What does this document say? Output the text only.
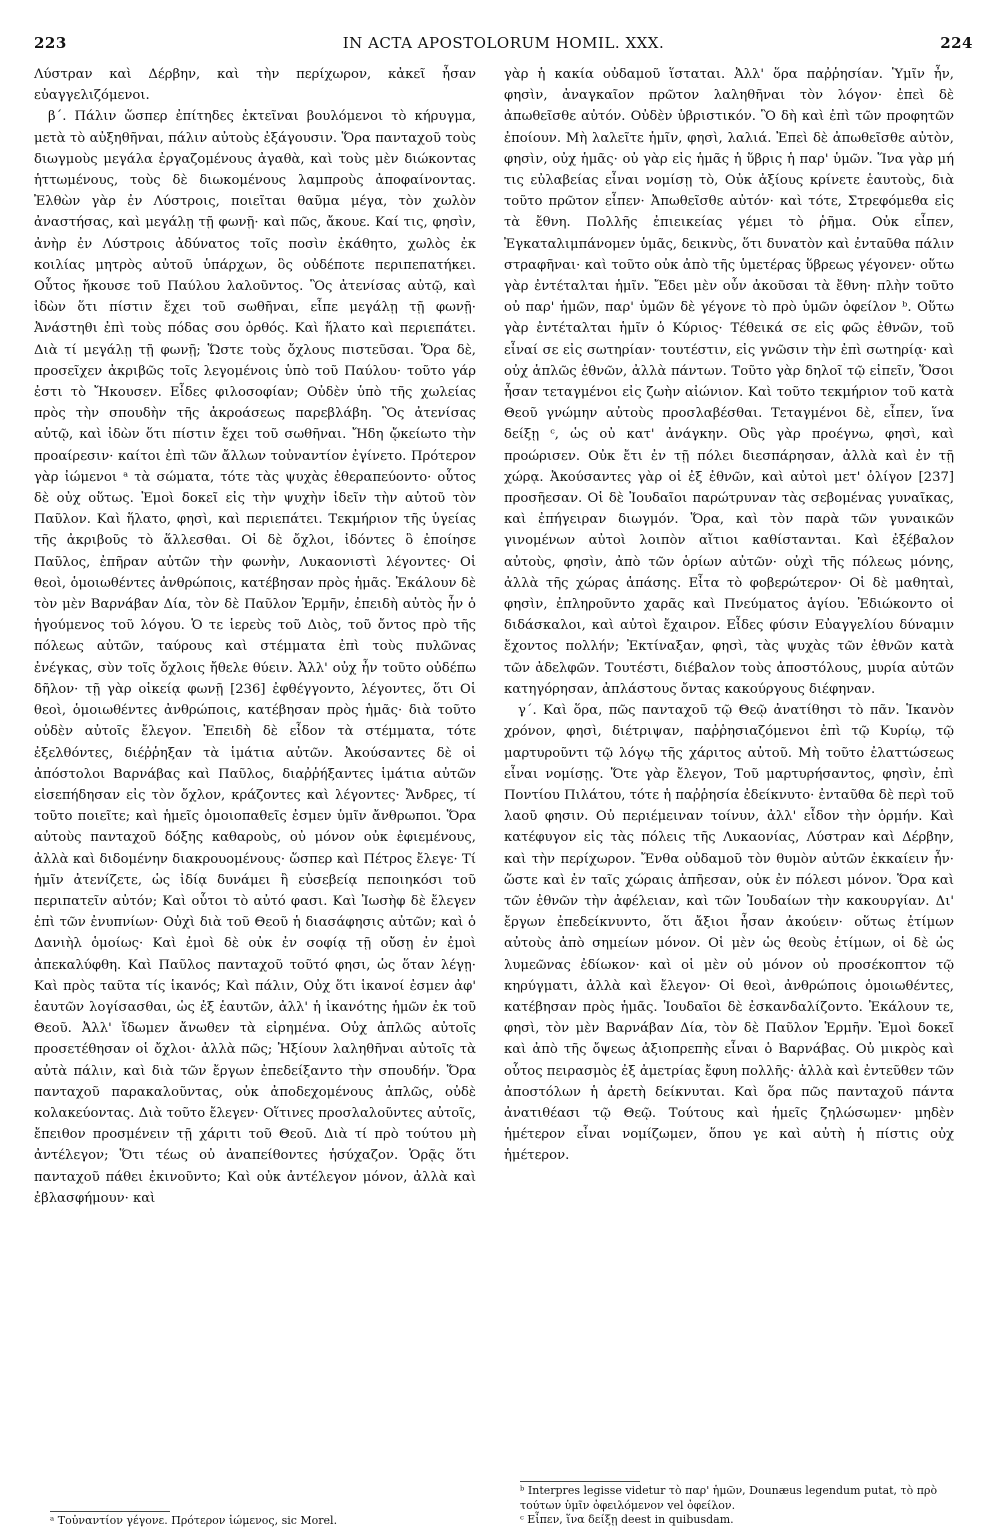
223	IN ACTA APOSTOLORUM HOMIL. XXX.	224

Λύστραν καὶ Δέρβην, καὶ τὴν περίχωρον, κἀκεῖ ἦσαν εὐαγγελιζόμενοι.

β΄. Πάλιν ὥσπερ ἐπίτηδες ἐκτεῖναι βουλόμενοι τὸ κήρυγμα, μετὰ τὸ αὐξηθῆναι, πάλιν αὐτοὺς ἐξάγουσιν. Ὅρα πανταχοῦ τοὺς διωγμοὺς μεγάλα ἐργαζομένους ἀγαθὰ, καὶ τοὺς μὲν διώκοντας ἡττωμένους, τοὺς δὲ διωκομένους λαμπροὺς ἀποφαίνοντας. Ἐλθὼν γὰρ ἐν Λύστροις, ποιεῖται θαῦμα μέγα, τὸν χωλὸν ἀναστήσας, καὶ μεγάλῃ τῇ φωνῇ· καὶ πῶς, ἄκουε. Καί τις, φησὶν, ἀνὴρ ἐν Λύστροις ἀδύνατος τοῖς ποσὶν ἐκάθητο, χωλὸς ἐκ κοιλίας μητρὸς αὐτοῦ ὑπάρχων, ὃς οὐδέποτε περιπεπατήκει. Οὗτος ἤκουσε τοῦ Παύλου λαλοῦντος. Ὃς ἀτενίσας αὐτῷ, καὶ ἰδὼν ὅτι πίστιν ἔχει τοῦ σωθῆναι, εἶπε μεγάλῃ τῇ φωνῇ· Ἀνάστηθι ἐπὶ τοὺς πόδας σου ὀρθός. Καὶ ἥλατο καὶ περιεπάτει. Διὰ τί μεγάλῃ τῇ φωνῇ; Ὥστε τοὺς ὄχλους πιστεῦσαι. Ὅρα δὲ, προσεῖχεν ἀκριβῶς τοῖς λεγομένοις ὑπὸ τοῦ Παύλου· τοῦτο γάρ ἐστι τὸ Ἤκουσεν. Εἶδες φιλοσοφίαν; Οὐδὲν ὑπὸ τῆς χωλείας πρὸς τὴν σπουδὴν τῆς ἀκροάσεως παρεβλάβη. Ὃς ἀτενίσας αὐτῷ, καὶ ἰδὼν ὅτι πίστιν ἔχει τοῦ σωθῆναι. Ἤδη ᾤκείωτο τὴν προαίρεσιν· καίτοι ἐπὶ τῶν ἄλλων τοὐναντίον ἐγίνετο. Πρότερον γὰρ ἰώμενοι ᵃ τὰ σώματα, τότε τὰς ψυχὰς ἐθεραπεύοντο· οὗτος δὲ οὐχ οὕτως. Ἐμοὶ δοκεῖ εἰς τὴν ψυχὴν ἰδεῖν τὴν αὐτοῦ τὸν Παῦλον. Καὶ ἥλατο, φησὶ, καὶ περιεπάτει. Τεκμήριον τῆς ὑγείας τῆς ἀκριβοῦς τὸ ἅλλεσθαι. Οἱ δὲ ὄχλοι, ἰδόντες ὃ ἐποίησε Παῦλος, ἐπῆραν αὐτῶν τὴν φωνὴν, Λυκαονιστὶ λέγοντες· Οἱ θεοὶ, ὁμοιωθέντες ἀνθρώποις, κατέβησαν πρὸς ἡμᾶς. Ἐκάλουν δὲ τὸν μὲν Βαρνάβαν Δία, τὸν δὲ Παῦλον Ἑρμῆν, ἐπειδὴ αὐτὸς ἦν ὁ ἡγούμενος τοῦ λόγου. Ὁ τε ἱερεὺς τοῦ Διὸς, τοῦ ὄντος πρὸ τῆς πόλεως αὐτῶν, ταύρους καὶ στέμματα ἐπὶ τοὺς πυλῶνας ἐνέγκας, σὺν τοῖς ὄχλοις ἤθελε θύειν. Ἀλλ' οὐχ ἦν τοῦτο οὐδέπω δῆλον· τῇ γὰρ οἰκείᾳ φωνῇ [236] ἐφθέγγοντο, λέγοντες, ὅτι Οἱ θεοὶ, ὁμοιωθέντες ἀνθρώποις, κατέβησαν πρὸς ἡμᾶς· διὰ τοῦτο οὐδὲν αὐτοῖς ἔλεγον. Ἐπειδὴ δὲ εἶδον τὰ στέμματα, τότε ἐξελθόντες, διέῤῥηξαν τὰ ἱμάτια αὐτῶν. Ἀκούσαντες δὲ οἱ ἀπόστολοι Βαρνάβας καὶ Παῦλος, διαῤῥήξαντες ἱμάτια αὐτῶν εἰσεπήδησαν εἰς τὸν ὄχλον, κράζοντες καὶ λέγοντες· Ἄνδρες, τί τοῦτο ποιεῖτε; καὶ ἡμεῖς ὁμοιοπαθεῖς ἐσμεν ὑμῖν ἄνθρωποι. Ὅρα αὐτοὺς πανταχοῦ δόξης καθαροὺς, οὐ μόνον οὐκ ἐφιεμένους, ἀλλὰ καὶ διδομένην διακρουομένους· ὥσπερ καὶ Πέτρος ἔλεγε· Τί ἡμῖν ἀτενίζετε, ὡς ἰδίᾳ δυνάμει ἢ εὐσεβείᾳ πεποιηκόσι τοῦ περιπατεῖν αὐτόν; Καὶ οὗτοι τὸ αὐτό φασι. Καὶ Ἰωσὴφ δὲ ἔλεγεν ἐπὶ τῶν ἐνυπνίων· Οὐχὶ διὰ τοῦ Θεοῦ ἡ διασάφησις αὐτῶν; καὶ ὁ Δανιὴλ ὁμοίως· Καὶ ἐμοὶ δὲ οὐκ ἐν σοφίᾳ τῇ οὔσῃ ἐν ἐμοὶ ἀπεκαλύφθη. Καὶ Παῦλος πανταχοῦ τοῦτό φησι, ὡς ὅταν λέγῃ· Καὶ πρὸς ταῦτα τίς ἱκανός; Καὶ πάλιν, Οὐχ ὅτι ἱκανοί ἐσμεν ἀφ' ἑαυτῶν λογίσασθαι, ὡς ἐξ ἑαυτῶν, ἀλλ' ἡ ἱκανότης ἡμῶν ἐκ τοῦ Θεοῦ. Ἀλλ' ἴδωμεν ἄνωθεν τὰ εἰρημένα. Οὐχ ἁπλῶς αὐτοῖς προσετέθησαν οἱ ὄχλοι· ἀλλὰ πῶς; Ἠξίουν λαληθῆναι αὐτοῖς τὰ αὐτὰ πάλιν, καὶ διὰ τῶν ἔργων ἐπεδείξαντο τὴν σπουδήν. Ὅρα πανταχοῦ παρακαλοῦντας, οὐκ ἀποδεχομένους ἁπλῶς, οὐδὲ κολακεύοντας. Διὰ τοῦτο ἔλεγεν· Οἵτινες προσλαλοῦντες αὐτοῖς, ἔπειθον προσμένειν τῇ χάριτι τοῦ Θεοῦ. Διὰ τί πρὸ τούτου μὴ ἀντέλεγον; Ὅτι τέως οὐ ἀναπείθοντες ἡσύχαζον. Ὁρᾷς ὅτι πανταχοῦ πάθει ἐκινοῦντο; Καὶ οὐκ ἀντέλεγον μόνον, ἀλλὰ καὶ ἐβλασφήμουν· καὶ

γὰρ ἡ κακία οὐδαμοῦ ἵσταται. Ἀλλ' ὅρα παῤῥησίαν. Ὑμῖν ἦν, φησὶν, ἀναγκαῖον πρῶτον λαληθῆναι τὸν λόγον· ἐπεὶ δὲ ἀπωθεῖσθε αὐτόν. Οὐδὲν ὑβριστικόν. Ὃ δὴ καὶ ἐπὶ τῶν προφητῶν ἐποίουν. Μὴ λαλεῖτε ἡμῖν, φησὶ, λαλιά. Ἐπεὶ δὲ ἀπωθεῖσθε αὐτὸν, φησὶν, οὐχ ἡμᾶς· οὐ γὰρ εἰς ἡμᾶς ἡ ὕβρις ἡ παρ' ὑμῶν. Ἵνα γὰρ μή τις εὐλαβείας εἶναι νομίσῃ τὸ, Οὐκ ἀξίους κρίνετε ἑαυτοὺς, διὰ τοῦτο πρῶτον εἶπεν· Ἀπωθεῖσθε αὐτόν· καὶ τότε, Στρεφόμεθα εἰς τὰ ἔθνη. Πολλῆς ἐπιεικείας γέμει τὸ ῥῆμα. Οὐκ εἶπεν, Ἐγκαταλιμπάνομεν ὑμᾶς, δεικνὺς, ὅτι δυνατὸν καὶ ἐνταῦθα πάλιν στραφῆναι· καὶ τοῦτο οὐκ ἀπὸ τῆς ὑμετέρας ὕβρεως γέγονεν· οὕτω γὰρ ἐντέταλται ἡμῖν. Ἔδει μὲν οὖν ἀκοῦσαι τὰ ἔθνη· πλὴν τοῦτο οὐ παρ' ἡμῶν, παρ' ὑμῶν δὲ γέγονε τὸ πρὸ ὑμῶν ὀφείλον ᵇ. Οὕτω γὰρ ἐντέταλται ἡμῖν ὁ Κύριος· Τέθεικά σε εἰς φῶς ἐθνῶν, τοῦ εἶναί σε εἰς σωτηρίαν· τουτέστιν, εἰς γνῶσιν τὴν ἐπὶ σωτηρίᾳ· καὶ οὐχ ἁπλῶς ἐθνῶν, ἀλλὰ πάντων. Τοῦτο γὰρ δηλοῖ τῷ εἰπεῖν, Ὅσοι ἦσαν τεταγμένοι εἰς ζωὴν αἰώνιον. Καὶ τοῦτο τεκμήριον τοῦ κατὰ Θεοῦ γνώμην αὐτοὺς προσλαβέσθαι. Τεταγμένοι δὲ, εἶπεν, ἵνα δείξῃ ᶜ, ὡς οὐ κατ' ἀνάγκην. Οὓς γὰρ προέγνω, φησὶ, καὶ προώρισεν. Οὐκ ἔτι ἐν τῇ πόλει διεσπάρησαν, ἀλλὰ καὶ ἐν τῇ χώρᾳ. Ἀκούσαντες γὰρ οἱ ἐξ ἐθνῶν, καὶ αὐτοὶ μετ' ὀλίγον [237] προσῆεσαν. Οἱ δὲ Ἰουδαῖοι παρώτρυναν τὰς σεβομένας γυναῖκας, καὶ ἐπήγειραν διωγμόν. Ὅρα, καὶ τὸν παρὰ τῶν γυναικῶν γινομένων αὐτοὶ λοιπὸν αἴτιοι καθίστανται. Καὶ ἐξέβαλον αὐτοὺς, φησὶν, ἀπὸ τῶν ὁρίων αὐτῶν· οὐχὶ τῆς πόλεως μόνης, ἀλλὰ τῆς χώρας ἁπάσης. Εἶτα τὸ φοβερώτερον· Οἱ δὲ μαθηταὶ, φησὶν, ἐπληροῦντο χαρᾶς καὶ Πνεύματος ἁγίου. Ἐδιώκοντο οἱ διδάσκαλοι, καὶ αὐτοὶ ἔχαιρον. Εἶδες φύσιν Εὐαγγελίου δύναμιν ἔχοντος πολλήν; Ἐκτίναξαν, φησὶ, τὰς ψυχὰς τῶν ἐθνῶν κατὰ τῶν ἀδελφῶν. Τουτέστι, διέβαλον τοὺς ἀποστόλους, μυρία αὐτῶν κατηγόρησαν, ἀπλάστους ὄντας κακούργους διέφηναν.

γ΄. Καὶ ὅρα, πῶς πανταχοῦ τῷ Θεῷ ἀνατίθησι τὸ πᾶν. Ἱκανὸν χρόνον, φησὶ, διέτριψαν, παῤῥησιαζόμενοι ἐπὶ τῷ Κυρίῳ, τῷ μαρτυροῦντι τῷ λόγῳ τῆς χάριτος αὐτοῦ. Μὴ τοῦτο ἐλαττώσεως εἶναι νομίσῃς. Ὅτε γὰρ ἔλεγον, Τοῦ μαρτυρήσαντος, φησὶν, ἐπὶ Ποντίου Πιλάτου, τότε ἡ παῤῥησία ἐδείκνυτο· ἐνταῦθα δὲ περὶ τοῦ λαοῦ φησιν. Οὐ περιέμειναν τοίνυν, ἀλλ' εἶδον τὴν ὁρμήν. Καὶ κατέφυγον εἰς τὰς πόλεις τῆς Λυκαονίας, Λύστραν καὶ Δέρβην, καὶ τὴν περίχωρον. Ἔνθα οὐδαμοῦ τὸν θυμὸν αὐτῶν ἐκκαίειν ἦν· ὥστε καὶ ἐν ταῖς χώραις ἀπῆεσαν, οὐκ ἐν πόλεσι μόνον. Ὅρα καὶ τῶν ἐθνῶν τὴν ἀφέλειαν, καὶ τῶν Ἰουδαίων τὴν κακουργίαν. Δι' ἔργων ἐπεδείκνυντο, ὅτι ἄξιοι ἦσαν ἀκούειν· οὕτως ἐτίμων αὐτοὺς ἀπὸ σημείων μόνον. Οἱ μὲν ὡς θεοὺς ἐτίμων, οἱ δὲ ὡς λυμεῶνας ἐδίωκον· καὶ οἱ μὲν οὐ μόνον οὐ προσέκοπτον τῷ κηρύγματι, ἀλλὰ καὶ ἔλεγον· Οἱ θεοὶ, ἀνθρώποις ὁμοιωθέντες, κατέβησαν πρὸς ἡμᾶς. Ἰουδαῖοι δὲ ἐσκανδαλίζοντο. Ἐκάλουν τε, φησὶ, τὸν μὲν Βαρνάβαν Δία, τὸν δὲ Παῦλον Ἑρμῆν. Ἐμοὶ δοκεῖ καὶ ἀπὸ τῆς ὄψεως ἀξιοπρεπὴς εἶναι ὁ Βαρνάβας. Οὐ μικρὸς καὶ οὗτος πειρασμὸς ἐξ ἀμετρίας ἔφυη πολλῆς· ἀλλὰ καὶ ἐντεῦθεν τῶν ἀποστόλων ἡ ἀρετὴ δείκνυται. Καὶ ὅρα πῶς πανταχοῦ πάντα ἀνατιθέασι τῷ Θεῷ. Τούτους καὶ ἡμεῖς ζηλώσωμεν· μηδὲν ἡμέτερον εἶναι νομίζωμεν, ὅπου γε καὶ αὐτὴ ἡ πίστις οὐχ ἡμέτερον.

ᵃ Τοὐναντίον γέγονε. Πρότερον ἰώμενος, sic Morel.
ᵇ Interpres legisse videtur τὸ παρ' ἡμῶν, Dounæus legendum putat, τὸ πρὸ τούτων ὑμῖν ὀφειλόμενον vel ὀφείλον.
ᶜ Εἶπεν, ἵνα δείξῃ deest in quibusdam.
